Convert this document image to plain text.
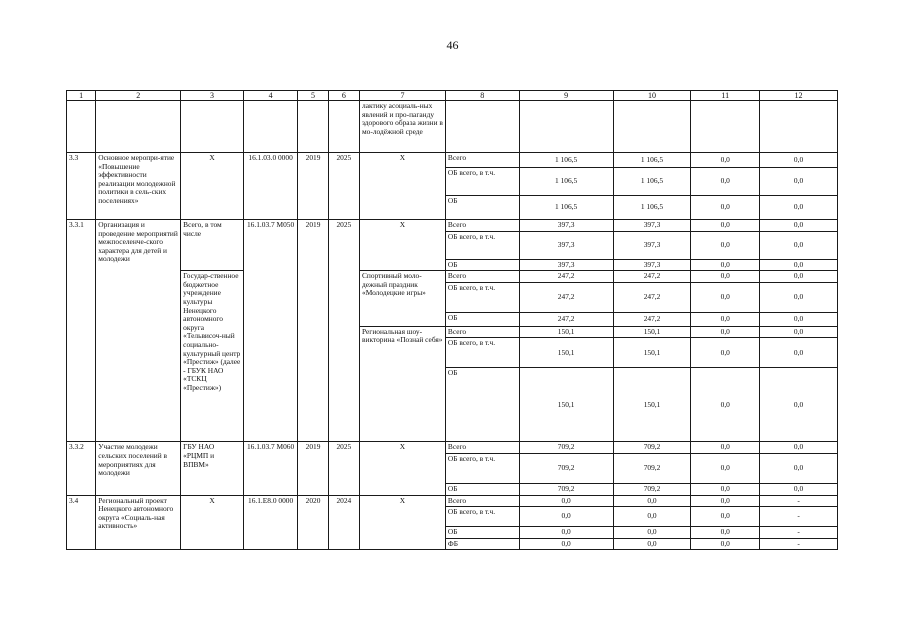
46
1	2	3	4	5	6	7	8	9	10	11	12
						лактику асоциаль-ных явлений и про-паганду здорового образа жизни в мо-лодёжной среде					
3.3	Основное меропри-ятие «Повышение эффективности реализации молодежной политики в сель-ских поселениях»	Х	16.1.03.0 0000	2019	2025	Х	Всего	1 106,5	1 106,5	0,0	0,0
							ОБ всего, в т.ч.	1 106,5	1 106,5	0,0	0,0
							ОБ	1 106,5	1 106,5	0,0	0,0
3.3.1	Организация и проведение мероприятий межпоселенче-ского характера для детей и молодежи	Всего, в том числе	16.1.03.7 М050	2019	2025	Х	Всего	397,3	397,3	0,0	0,0
							ОБ всего, в т.ч.	397,3	397,3	0,0	0,0
							ОБ	397,3	397,3	0,0	0,0
		Государ-ственное бюджетное учреждение культуры Ненецкого автономного округа «Тельвисоч-ный социально-культурный центр «Престиж» (далее - ГБУК НАО «ТСКЦ «Престиж»)				Спортивный моло-дежный праздник «Молодецкие игры»	Всего	247,2	247,2	0,0	0,0
							ОБ всего, в т.ч.	247,2	247,2	0,0	0,0
							ОБ	247,2	247,2	0,0	0,0
						Региональная шоу-викторина «Познай себя»	Всего	150,1	150,1	0,0	0,0
							ОБ всего, в т.ч.	150,1	150,1	0,0	0,0
							ОБ	150,1	150,1	0,0	0,0
3.3.2	Участие молодежи сельских поселений в мероприятиях для молодежи	ГБУ НАО «РЦМП и ВПВМ»	16.1.03.7 М060	2019	2025	Х	Всего	709,2	709,2	0,0	0,0
							ОБ всего, в т.ч.	709,2	709,2	0,0	0,0
							ОБ	709,2	709,2	0,0	0,0
3.4	Региональный проект Ненецкого автономного округа «Социаль-ная активность»	Х	16.1.Е8.0 0000	2020	2024	Х	Всего	0,0	0,0	0,0	-
							ОБ всего, в т.ч.	0,0	0,0	0,0	-
							ОБ	0,0	0,0	0,0	-
							ФБ	0,0	0,0	0,0	-
